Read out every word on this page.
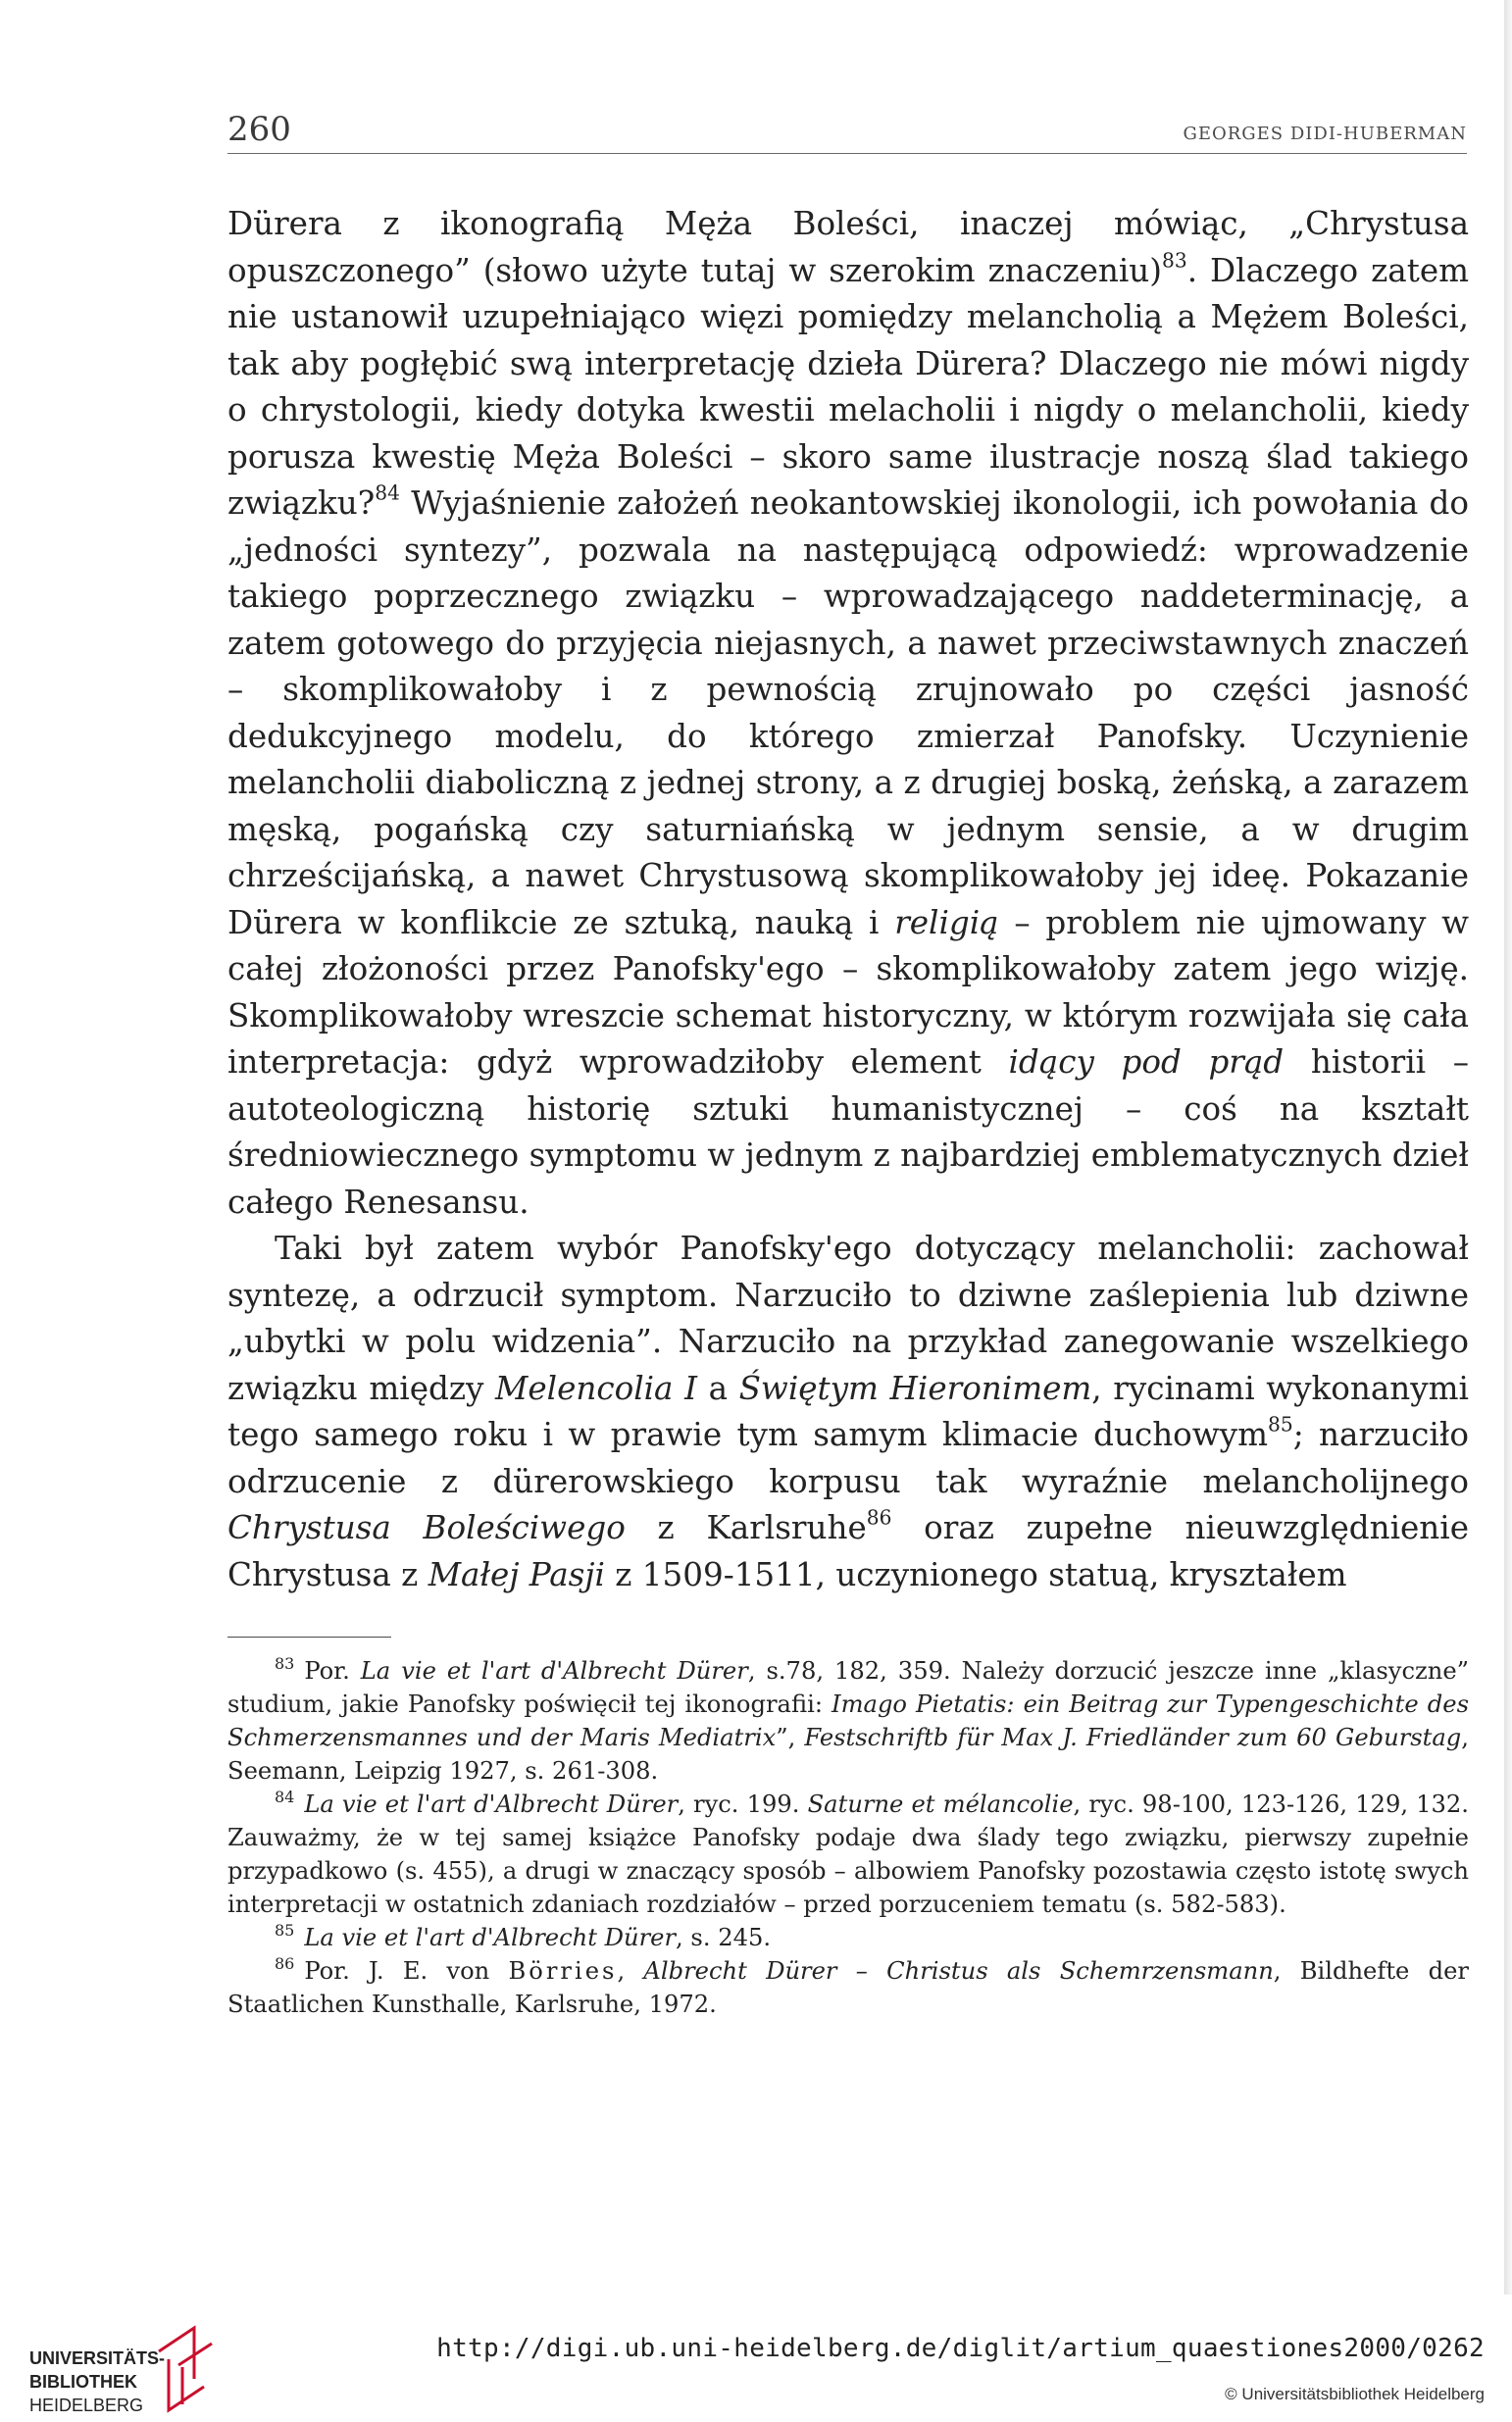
260	GEORGES DIDI-HUBERMAN

Dürera z ikonografią Męża Boleści, inaczej mówiąc, „Chrystusa opuszczonego” (słowo użyte tutaj w szerokim znaczeniu)$^{83}$. Dlaczego zatem nie ustanowił uzupełniająco więzi pomiędzy melancholią a Mężem Boleści, tak aby pogłębić swą interpretację dzieła Dürera? Dlaczego nie mówi nigdy o chrystologii, kiedy dotyka kwestii melacholii i nigdy o melancholii, kiedy porusza kwestię Męża Boleści – skoro same ilustracje noszą ślad takiego związku?$^{84}$ Wyjaśnienie założeń neokantowskiej ikonologii, ich powołania do „jedności syntezy”, pozwala na następującą odpowiedź: wprowadzenie takiego poprzecznego związku – wprowadzającego naddeterminację, a zatem gotowego do przyjęcia niejasnych, a nawet przeciwstawnych znaczeń – skomplikowałoby i z pewnością zrujnowało po części jasność dedukcyjnego modelu, do którego zmierzał Panofsky. Uczynienie melancholii diaboliczną z jednej strony, a z drugiej boską, żeńską, a zarazem męską, pogańską czy saturniańską w jednym sensie, a w drugim chrześcijańską, a nawet Chrystusową skomplikowałoby jej ideę. Pokazanie Dürera w konflikcie ze sztuką, nauką i religią – problem nie ujmowany w całej złożoności przez Panofsky'ego – skomplikowałoby zatem jego wizję. Skomplikowałoby wreszcie schemat historyczny, w którym rozwijała się cała interpretacja: gdyż wprowadziłoby element idący pod prąd historii – autoteologiczną historię sztuki humanistycznej – coś na kształt średniowiecznego symptomu w jednym z najbardziej emblematycznych dzieł całego Renesansu.

Taki był zatem wybór Panofsky'ego dotyczący melancholii: zachował syntezę, a odrzucił symptom. Narzuciło to dziwne zaślepienia lub dziwne „ubytki w polu widzenia”. Narzuciło na przykład zanegowanie wszelkiego związku między Melencolia I a Świętym Hieronimem, rycinami wykonanymi tego samego roku i w prawie tym samym klimacie duchowym$^{85}$; narzuciło odrzucenie z dürerowskiego korpusu tak wyraźnie melancholijnego Chrystusa Boleściwego z Karlsruhe$^{86}$ oraz zupełne nieuwzględnienie Chrystusa z Małej Pasji z 1509-1511, uczynionego statuą, kryształem

$^{83}$ Por. La vie et l'art d'Albrecht Dürer, s.78, 182, 359. Należy dorzucić jeszcze inne „klasyczne” studium, jakie Panofsky poświęcił tej ikonografii: Imago Pietatis: ein Beitrag zur Typengeschichte des Schmerzensmannes und der Maris Mediatrix”, Festschriftb für Max J. Friedländer zum 60 Geburstag, Seemann, Leipzig 1927, s. 261-308.

$^{84}$ La vie et l'art d'Albrecht Dürer, ryc. 199. Saturne et mélancolie, ryc. 98-100, 123-126, 129, 132. Zauważmy, że w tej samej książce Panofsky podaje dwa ślady tego związku, pierwszy zupełnie przypadkowo (s. 455), a drugi w znaczący sposób – albowiem Panofsky pozostawia często istotę swych interpretacji w ostatnich zdaniach rozdziałów – przed porzuceniem tematu (s. 582-583).

$^{85}$ La vie et l'art d'Albrecht Dürer, s. 245.

$^{86}$ Por. J. E. von Börries, Albrecht Dürer – Christus als Schemrzensmann, Bildhefte der Staatlichen Kunsthalle, Karlsruhe, 1972.

UNIVERSITÄTS-
BIBLIOTHEK
HEIDELBERG
http://digi.ub.uni-heidelberg.de/diglit/artium_quaestiones2000/0262
© Universitätsbibliothek Heidelberg
